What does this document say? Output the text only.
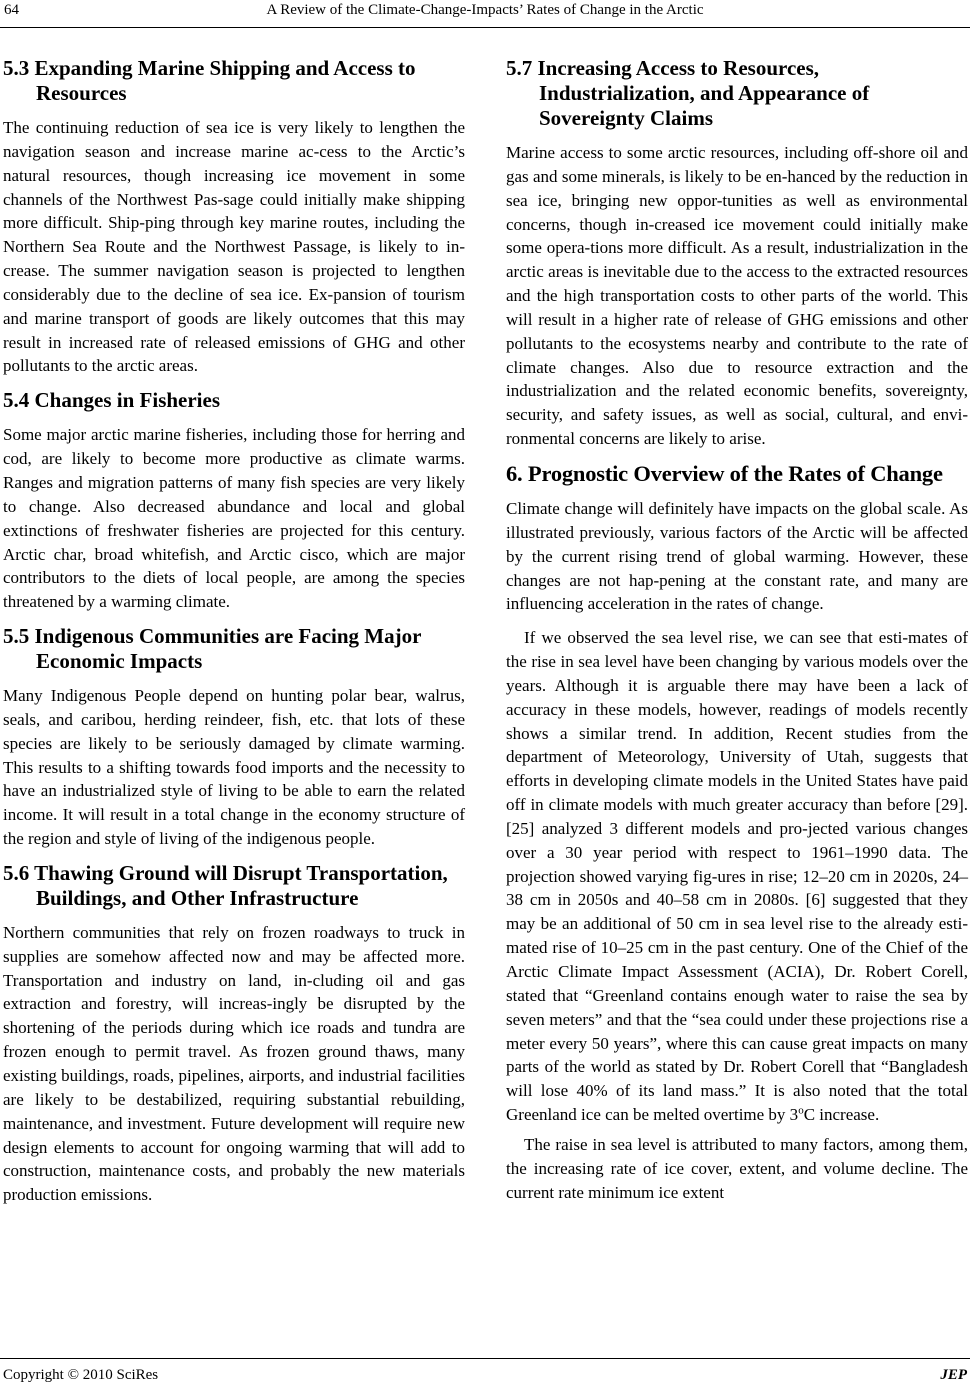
64	A Review of the Climate-Change-Impacts’ Rates of Change in the Arctic
5.3 Expanding Marine Shipping and Access to
Resources

The continuing reduction of sea ice is very likely to lengthen the navigation season and increase marine ac-cess to the Arctic’s natural resources, though increasing ice movement in some channels of the Northwest Pas-sage could initially make shipping more difficult. Ship-ping through key marine routes, including the Northern Sea Route and the Northwest Passage, is likely to in-crease. The summer navigation season is projected to lengthen considerably due to the decline of sea ice. Ex-pansion of tourism and marine transport of goods are likely outcomes that this may result in increased rate of released emissions of GHG and other pollutants to the arctic areas.

5.4 Changes in Fisheries

Some major arctic marine fisheries, including those for herring and cod, are likely to become more productive as climate warms. Ranges and migration patterns of many fish species are very likely to change. Also decreased abundance and local and global extinctions of freshwater fisheries are projected for this century. Arctic char, broad whitefish, and Arctic cisco, which are major contributors to the diets of local people, are among the species threatened by a warming climate.

5.5 Indigenous Communities are Facing Major
Economic Impacts

Many Indigenous People depend on hunting polar bear, walrus, seals, and caribou, herding reindeer, fish, etc. that lots of these species are likely to be seriously damaged by climate warming. This results to a shifting towards food imports and the necessity to have an industrialized style of living to be able to earn the related income. It will result in a total change in the economy structure of the region and style of living of the indigenous people.

5.6 Thawing Ground will Disrupt Transportation,
Buildings, and Other Infrastructure

Northern communities that rely on frozen roadways to truck in supplies are somehow affected now and may be affected more. Transportation and industry on land, in-cluding oil and gas extraction and forestry, will increas-ingly be disrupted by the shortening of the periods during which ice roads and tundra are frozen enough to permit travel. As frozen ground thaws, many existing buildings, roads, pipelines, airports, and industrial facilities are likely to be destabilized, requiring substantial rebuilding, maintenance, and investment. Future development will require new design elements to account for ongoing warming that will add to construction, maintenance costs, and probably the new materials production emissions.

5.7 Increasing Access to Resources,
Industrialization, and Appearance of
Sovereignty Claims

Marine access to some arctic resources, including off-shore oil and gas and some minerals, is likely to be en-hanced by the reduction in sea ice, bringing new oppor-tunities as well as environmental concerns, though in-creased ice movement could initially make some opera-tions more difficult. As a result, industrialization in the arctic areas is inevitable due to the access to the extracted resources and the high transportation costs to other parts of the world. This will result in a higher rate of release of GHG emissions and other pollutants to the ecosystems nearby and contribute to the rate of climate changes. Also due to resource extraction and the industrialization and the related economic benefits, sovereignty, security, and safety issues, as well as social, cultural, and envi-ronmental concerns are likely to arise.

6. Prognostic Overview of the Rates of Change

Climate change will definitely have impacts on the global scale. As illustrated previously, various factors of the Arctic will be affected by the current rising trend of global warming. However, these changes are not hap-pening at the constant rate, and many are influencing acceleration in the rates of change.

If we observed the sea level rise, we can see that esti-mates of the rise in sea level have been changing by various models over the years. Although it is arguable there may have been a lack of accuracy in these models, however, readings of models recently shows a similar trend. In addition, Recent studies from the department of Meteorology, University of Utah, suggests that efforts in developing climate models in the United States have paid off in climate models with much greater accuracy than before [29]. [25] analyzed 3 different models and pro-jected various changes over a 30 year period with respect to 1961–1990 data. The projection showed varying fig-ures in rise; 12–20 cm in 2020s, 24–38 cm in 2050s and 40–58 cm in 2080s. [6] suggested that they may be an additional of 50 cm in sea level rise to the already esti-mated rise of 10–25 cm in the past century. One of the Chief of the Arctic Climate Impact Assessment (ACIA), Dr. Robert Corell, stated that “Greenland contains enough water to raise the sea by seven meters” and that the “sea could under these projections rise a meter every 50 years”, where this can cause great impacts on many parts of the world as stated by Dr. Robert Corell that “Bangladesh will lose 40% of its land mass.” It is also noted that the total Greenland ice can be melted overtime by 3$^o$C increase.

The raise in sea level is attributed to many factors, among them, the increasing rate of ice cover, extent, and volume decline. The current rate minimum ice extent

Copyright © 2010 SciRes	JEP
